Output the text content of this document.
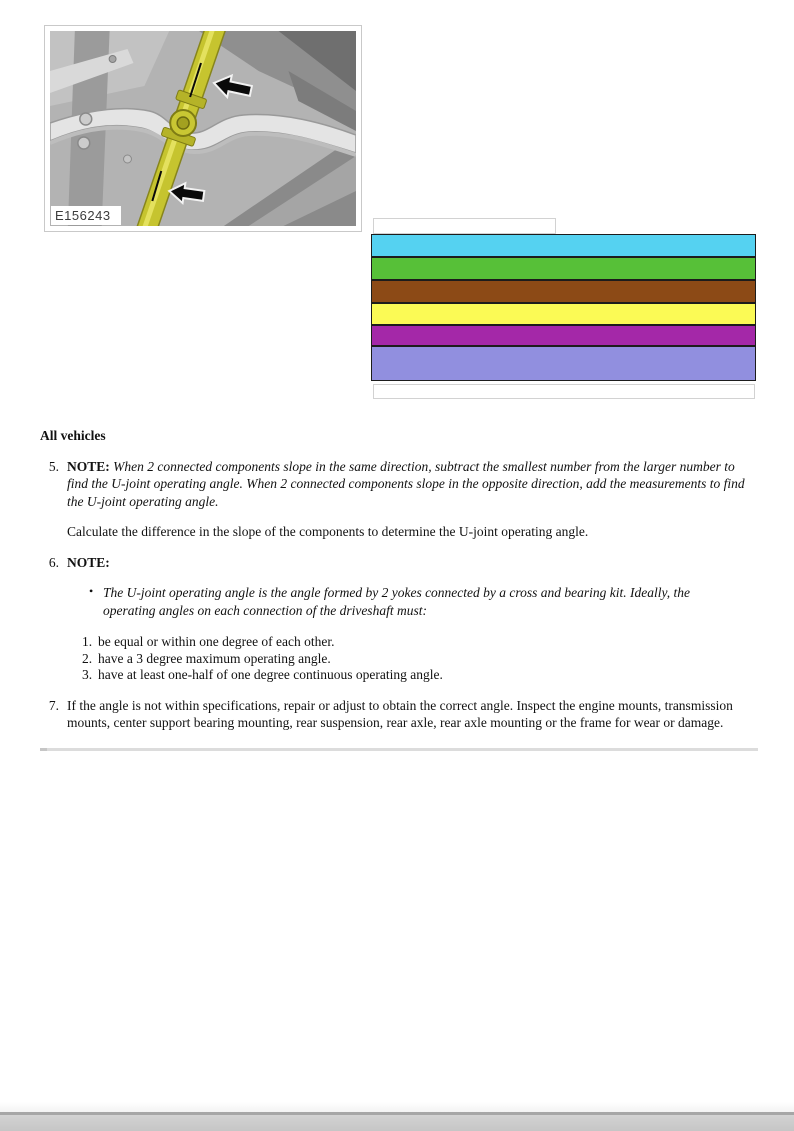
E156243
All vehicles
5. NOTE: When 2 connected components slope in the same direction, subtract the smallest number from the larger number to find the U-joint operating angle. When 2 connected components slope in the opposite direction, add the measurements to find the U-joint operating angle.
Calculate the difference in the slope of the components to determine the U-joint operating angle.
6. NOTE:
• The U-joint operating angle is the angle formed by 2 yokes connected by a cross and bearing kit. Ideally, the operating angles on each connection of the driveshaft must:
1. be equal or within one degree of each other.
2. have a 3 degree maximum operating angle.
3. have at least one-half of one degree continuous operating angle.
7. If the angle is not within specifications, repair or adjust to obtain the correct angle. Inspect the engine mounts, transmission mounts, center support bearing mounting, rear suspension, rear axle, rear axle mounting or the frame for wear or damage.
